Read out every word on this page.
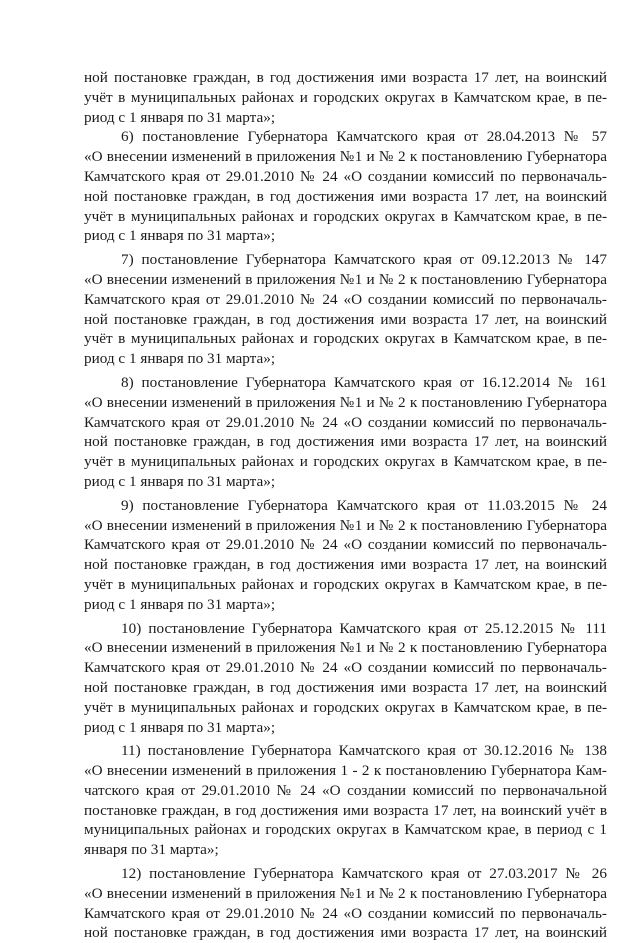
ной постановке граждан, в год достижения ими возраста 17 лет, на воинский
учёт в муниципальных районах и городских округах в Камчатском крае, в пе-
риод с 1 января по 31 марта»;
6) постановление Губернатора Камчатского края от 28.04.2013 № 57
«О внесении изменений в приложения №1 и № 2 к постановлению Губернатора
Камчатского края от 29.01.2010 № 24 «О создании комиссий по первоначаль-
ной постановке граждан, в год достижения ими возраста 17 лет, на воинский
учёт в муниципальных районах и городских округах в Камчатском крае, в пе-
риод с 1 января по 31 марта»;
7) постановление Губернатора Камчатского края от 09.12.2013 № 147
«О внесении изменений в приложения №1 и № 2 к постановлению Губернатора
Камчатского края от 29.01.2010 № 24 «О создании комиссий по первоначаль-
ной постановке граждан, в год достижения ими возраста 17 лет, на воинский
учёт в муниципальных районах и городских округах в Камчатском крае, в пе-
риод с 1 января по 31 марта»;
8) постановление Губернатора Камчатского края от 16.12.2014 № 161
«О внесении изменений в приложения №1 и № 2 к постановлению Губернатора
Камчатского края от 29.01.2010 № 24 «О создании комиссий по первоначаль-
ной постановке граждан, в год достижения ими возраста 17 лет, на воинский
учёт в муниципальных районах и городских округах в Камчатском крае, в пе-
риод с 1 января по 31 марта»;
9) постановление Губернатора Камчатского края от 11.03.2015 № 24
«О внесении изменений в приложения №1 и № 2 к постановлению Губернатора
Камчатского края от 29.01.2010 № 24 «О создании комиссий по первоначаль-
ной постановке граждан, в год достижения ими возраста 17 лет, на воинский
учёт в муниципальных районах и городских округах в Камчатском крае, в пе-
риод с 1 января по 31 марта»;
10) постановление Губернатора Камчатского края от 25.12.2015 № 111
«О внесении изменений в приложения №1 и № 2 к постановлению Губернатора
Камчатского края от 29.01.2010 № 24 «О создании комиссий по первоначаль-
ной постановке граждан, в год достижения ими возраста 17 лет, на воинский
учёт в муниципальных районах и городских округах в Камчатском крае, в пе-
риод с 1 января по 31 марта»;
11) постановление Губернатора Камчатского края от 30.12.2016 № 138
«О внесении изменений в приложения 1 - 2 к постановлению Губернатора Кам-
чатского края от 29.01.2010 № 24 «О создании комиссий по первоначальной
постановке граждан, в год достижения ими возраста 17 лет, на воинский учёт в
муниципальных районах и городских округах в Камчатском крае, в период с 1
января по 31 марта»;
12) постановление Губернатора Камчатского края от 27.03.2017 № 26
«О внесении изменений в приложения №1 и № 2 к постановлению Губернатора
Камчатского края от 29.01.2010 № 24 «О создании комиссий по первоначаль-
ной постановке граждан, в год достижения ими возраста 17 лет, на воинский
